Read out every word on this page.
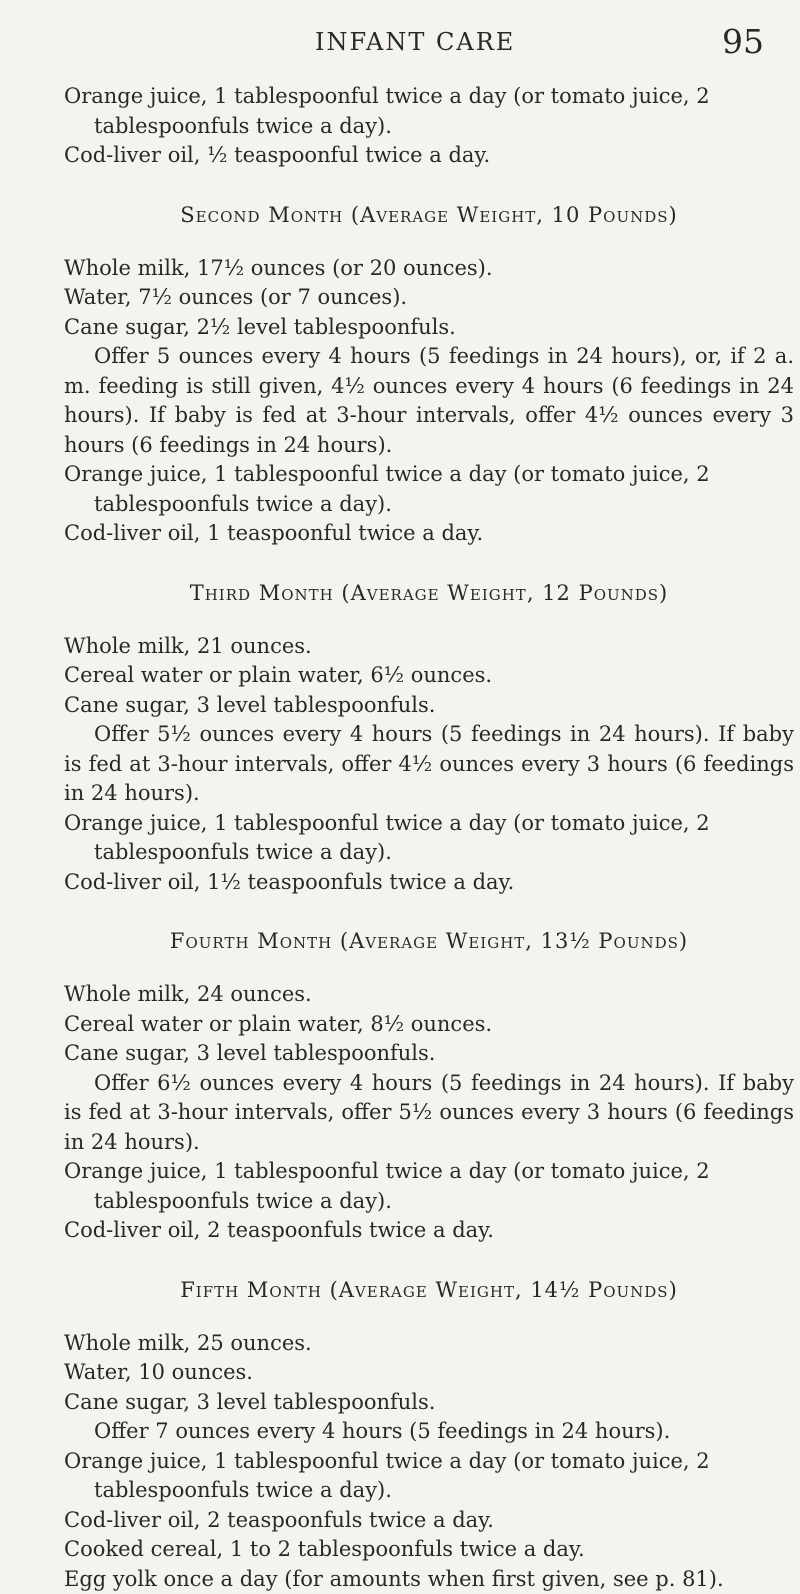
INFANT CARE	95

Orange juice, 1 tablespoonful twice a day (or tomato juice, 2 tablespoonfuls twice a day).

Cod-liver oil, ½ teaspoonful twice a day.

Second Month (Average Weight, 10 Pounds)

Whole milk, 17½ ounces (or 20 ounces).

Water, 7½ ounces (or 7 ounces).

Cane sugar, 2½ level tablespoonfuls.

Offer 5 ounces every 4 hours (5 feedings in 24 hours), or, if 2 a. m. feeding is still given, 4½ ounces every 4 hours (6 feedings in 24 hours). If baby is fed at 3-hour intervals, offer 4½ ounces every 3 hours (6 feedings in 24 hours).

Orange juice, 1 tablespoonful twice a day (or tomato juice, 2 tablespoonfuls twice a day).

Cod-liver oil, 1 teaspoonful twice a day.

Third Month (Average Weight, 12 Pounds)

Whole milk, 21 ounces.

Cereal water or plain water, 6½ ounces.

Cane sugar, 3 level tablespoonfuls.

Offer 5½ ounces every 4 hours (5 feedings in 24 hours). If baby is fed at 3-hour intervals, offer 4½ ounces every 3 hours (6 feedings in 24 hours).

Orange juice, 1 tablespoonful twice a day (or tomato juice, 2 tablespoonfuls twice a day).

Cod-liver oil, 1½ teaspoonfuls twice a day.

Fourth Month (Average Weight, 13½ Pounds)

Whole milk, 24 ounces.

Cereal water or plain water, 8½ ounces.

Cane sugar, 3 level tablespoonfuls.

Offer 6½ ounces every 4 hours (5 feedings in 24 hours). If baby is fed at 3-hour intervals, offer 5½ ounces every 3 hours (6 feedings in 24 hours).

Orange juice, 1 tablespoonful twice a day (or tomato juice, 2 tablespoonfuls twice a day).

Cod-liver oil, 2 teaspoonfuls twice a day.

Fifth Month (Average Weight, 14½ Pounds)

Whole milk, 25 ounces.

Water, 10 ounces.

Cane sugar, 3 level tablespoonfuls.

Offer 7 ounces every 4 hours (5 feedings in 24 hours).

Orange juice, 1 tablespoonful twice a day (or tomato juice, 2 tablespoonfuls twice a day).

Cod-liver oil, 2 teaspoonfuls twice a day.

Cooked cereal, 1 to 2 tablespoonfuls twice a day.

Egg yolk once a day (for amounts when first given, see p. 81).
